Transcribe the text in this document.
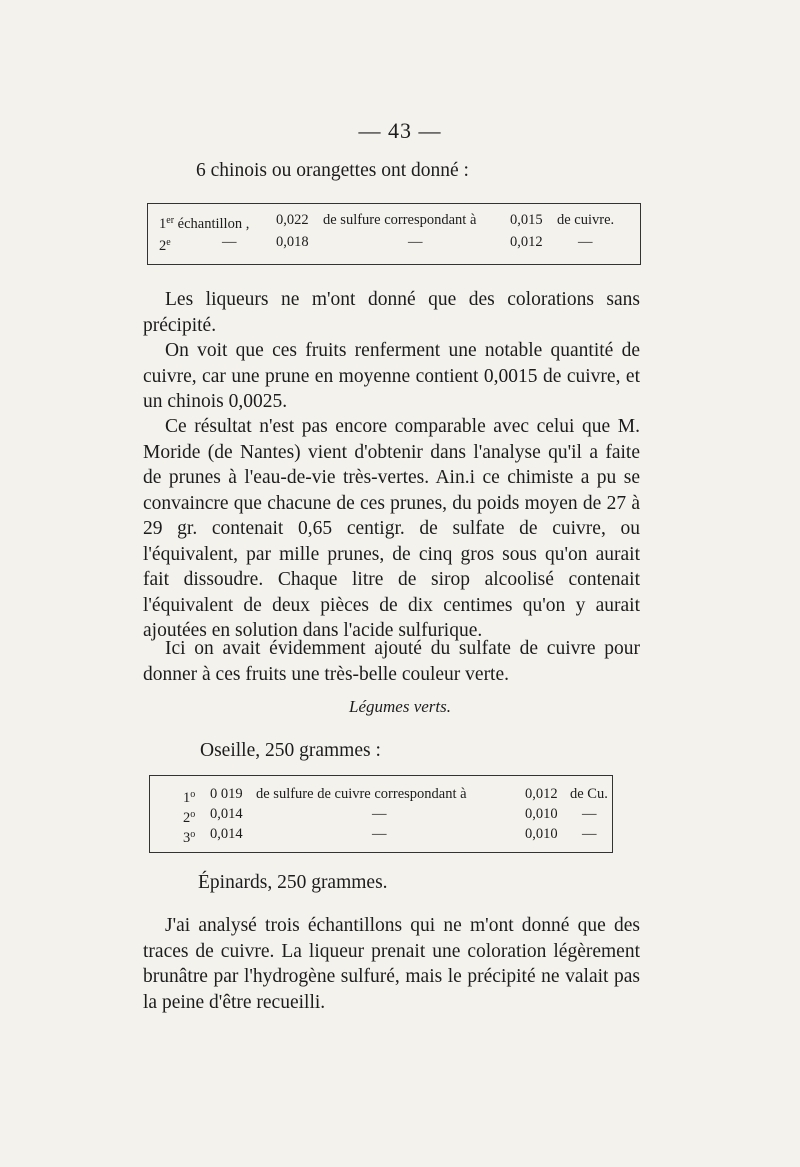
— 43 —
6 chinois ou orangettes ont donné :
1er échantillon , 0,022 de sulfure correspondant à 0,015 de cuivre.
2e	—	0,018	—	0,012 —
Les liqueurs ne m'ont donné que des colorations sans précipité.
On voit que ces fruits renferment une notable quantité de cuivre, car une prune en moyenne contient 0,0015 de cuivre, et un chinois 0,0025.
Ce résultat n'est pas encore comparable avec celui que M. Moride (de Nantes) vient d'obtenir dans l'analyse qu'il a faite de prunes à l'eau-de-vie très-vertes. Ain.i ce chimiste a pu se convaincre que chacune de ces prunes, du poids moyen de 27 à 29 gr. contenait 0,65 centigr. de sulfate de cuivre, ou l'équivalent, par mille prunes, de cinq gros sous qu'on aurait fait dissoudre. Chaque litre de sirop alcoolisé contenait l'équivalent de deux pièces de dix centimes qu'on y aurait ajoutées en solution dans l'acide sulfurique.
Ici on avait évidemment ajouté du sulfate de cuivre pour donner à ces fruits une très-belle couleur verte.
Légumes verts.
Oseille, 250 grammes :
1$^o$ 0 019 de sulfure de cuivre correspondant à	0,012 de Cu.
2$^o$ 0,014	—	0,010 —
3$^o$ 0,014	—	0,010 —
Épinards, 250 grammes.
J'ai analysé trois échantillons qui ne m'ont donné que des traces de cuivre. La liqueur prenait une coloration légèrement brunâtre par l'hydrogène sulfuré, mais le précipité ne valait pas la peine d'être recueilli.
